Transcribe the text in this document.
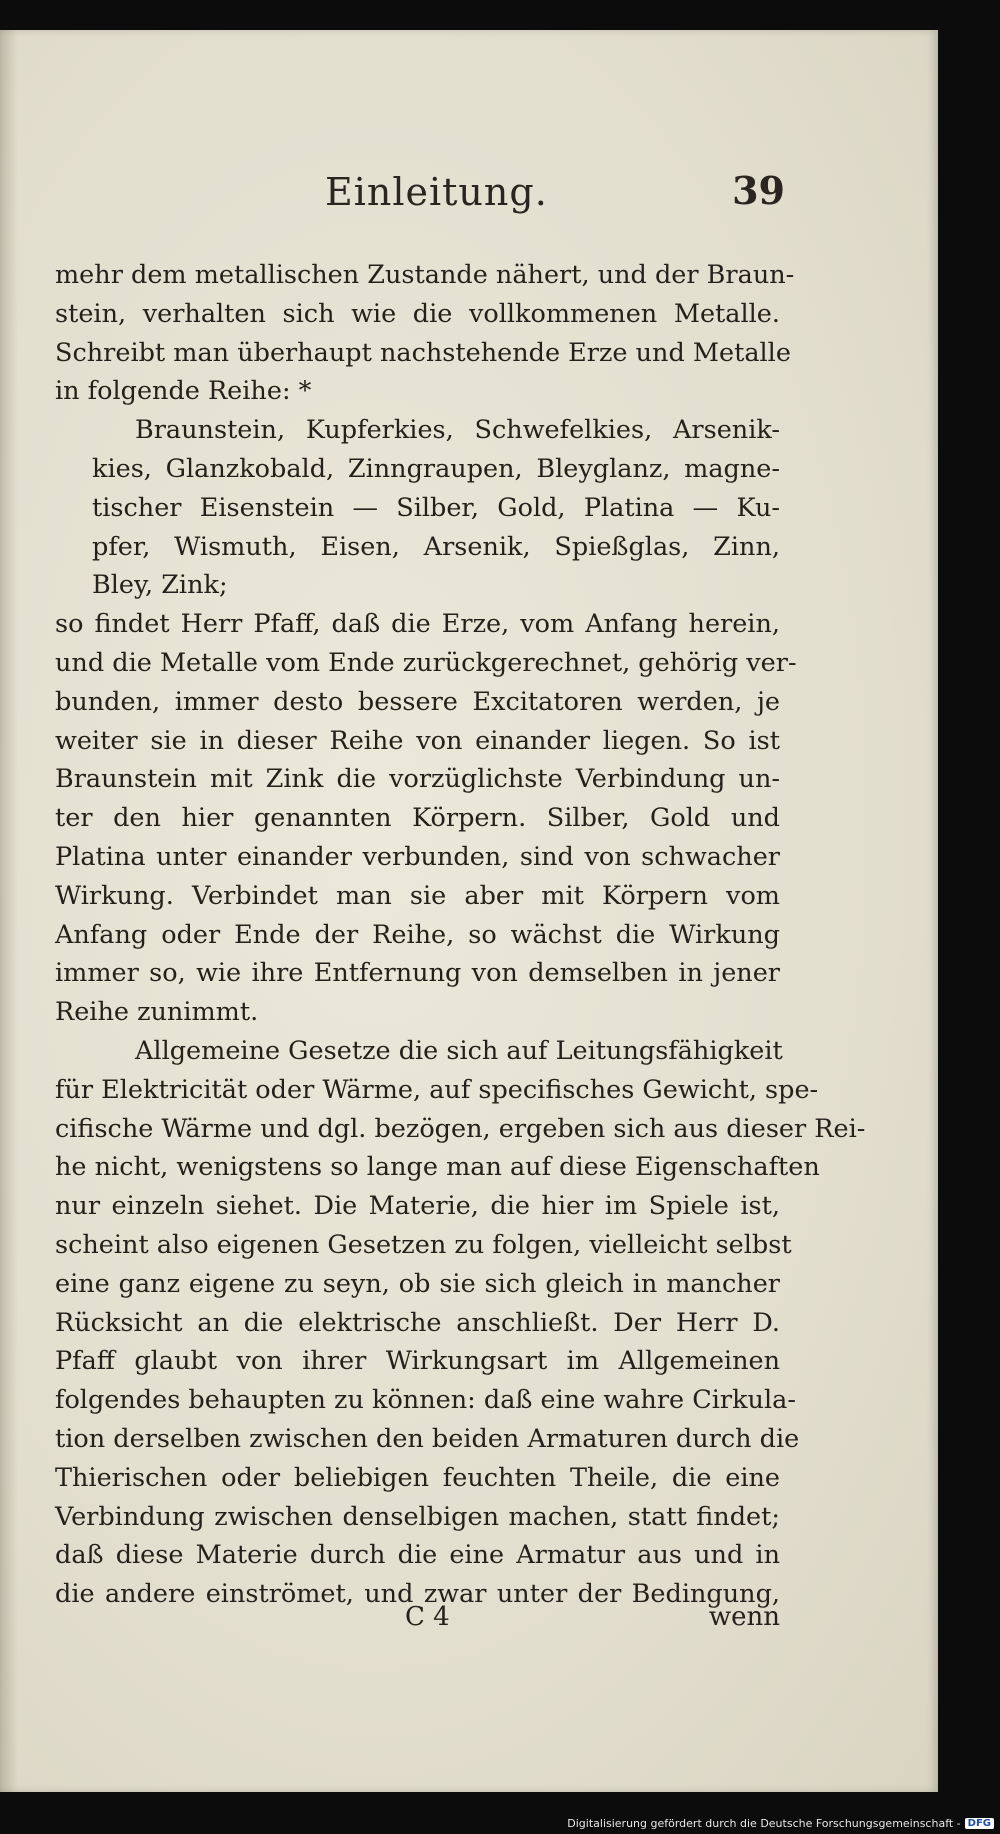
Einleitung.	39
mehr dem metallischen Zustande nähert, und der Braun-
stein, verhalten sich wie die vollkommenen Metalle.
Schreibt man überhaupt nachstehende Erze und Metalle
in folgende Reihe: *
Braunstein, Kupferkies, Schwefelkies, Arsenik-
kies, Glanzkobald, Zinngraupen, Bleyglanz, magne-
tischer Eisenstein — Silber, Gold, Platina — Ku-
pfer, Wismuth, Eisen, Arsenik, Spießglas, Zinn,
Bley, Zink;
so findet Herr Pfaff, daß die Erze, vom Anfang herein,
und die Metalle vom Ende zurückgerechnet, gehörig ver-
bunden, immer desto bessere Excitatoren werden, je
weiter sie in dieser Reihe von einander liegen. So ist
Braunstein mit Zink die vorzüglichste Verbindung un-
ter den hier genannten Körpern. Silber, Gold und
Platina unter einander verbunden, sind von schwacher
Wirkung. Verbindet man sie aber mit Körpern vom
Anfang oder Ende der Reihe, so wächst die Wirkung
immer so, wie ihre Entfernung von demselben in jener
Reihe zunimmt.
Allgemeine Gesetze die sich auf Leitungsfähigkeit
für Elektricität oder Wärme, auf specifisches Gewicht, spe-
cifische Wärme und dgl. bezögen, ergeben sich aus dieser Rei-
he nicht, wenigstens so lange man auf diese Eigenschaften
nur einzeln siehet. Die Materie, die hier im Spiele ist,
scheint also eigenen Gesetzen zu folgen, vielleicht selbst
eine ganz eigene zu seyn, ob sie sich gleich in mancher
Rücksicht an die elektrische anschließt. Der Herr D.
Pfaff glaubt von ihrer Wirkungsart im Allgemeinen
folgendes behaupten zu können: daß eine wahre Cirkula-
tion derselben zwischen den beiden Armaturen durch die
Thierischen oder beliebigen feuchten Theile, die eine
Verbindung zwischen denselbigen machen, statt findet;
daß diese Materie durch die eine Armatur aus und in
die andere einströmet, und zwar unter der Bedingung,
C 4	wenn
Digitalisierung gefördert durch die Deutsche Forschungsgemeinschaft - DFG
